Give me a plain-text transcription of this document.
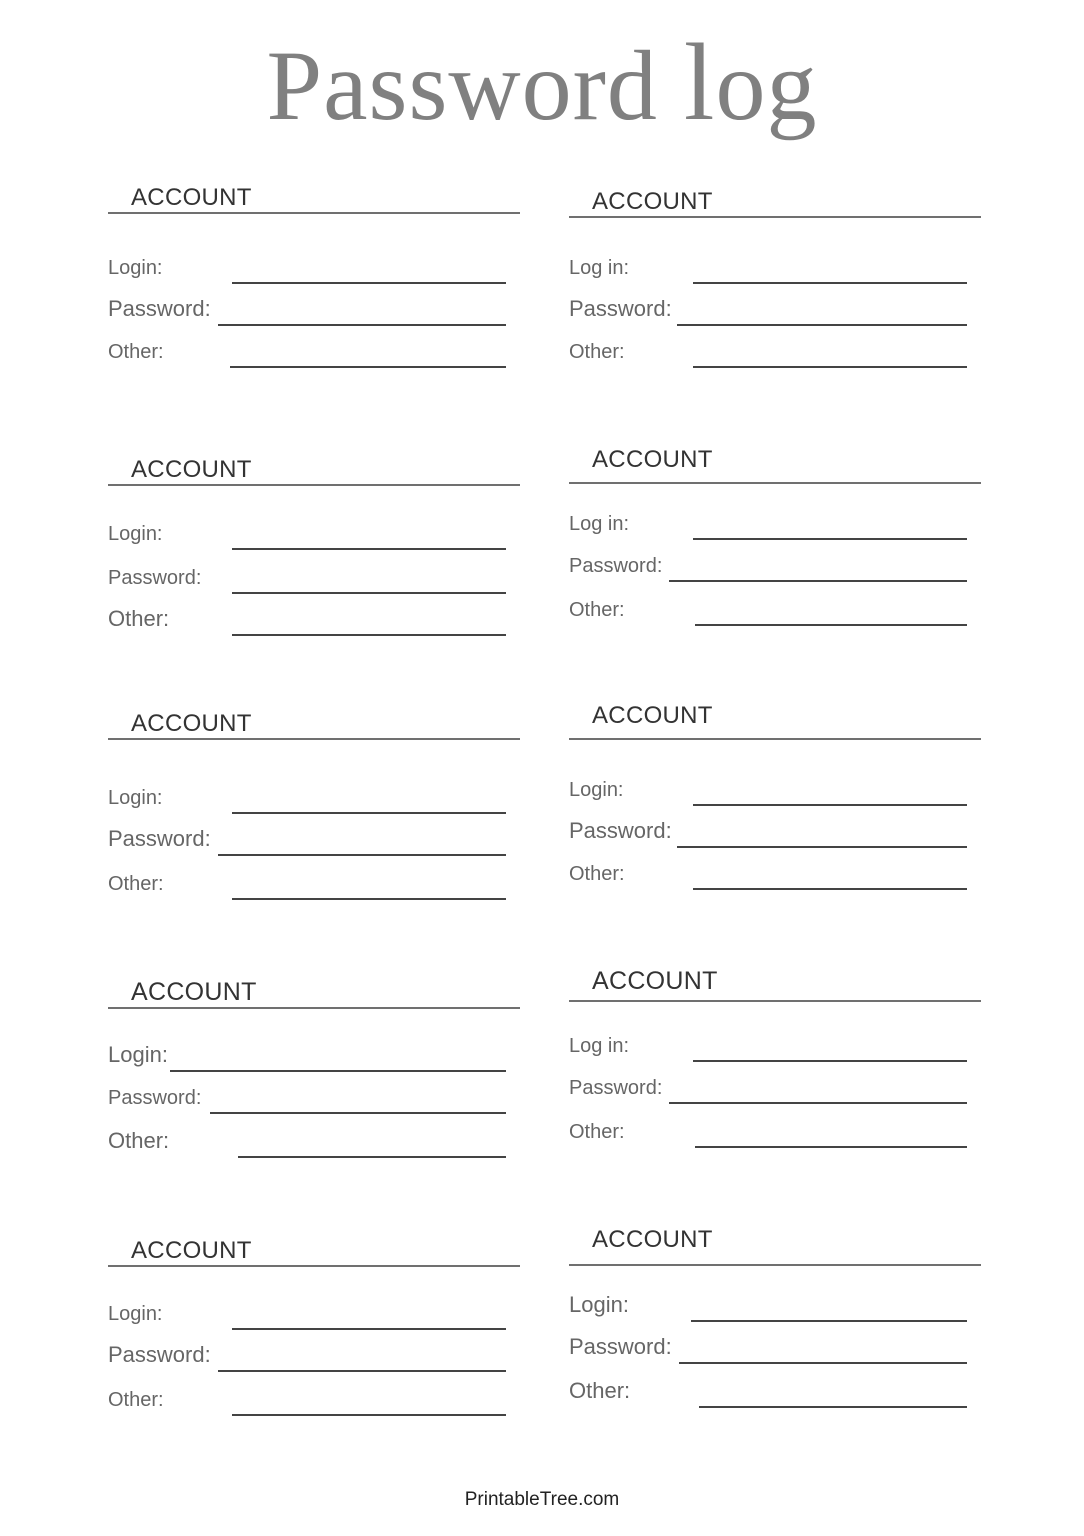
Password log
ACCOUNT
Login:
Password:
Other:
ACCOUNT
Log in:
Password:
Other:
ACCOUNT
Login:
Password:
Other:
ACCOUNT
Log in:
Password:
Other:
ACCOUNT
Login:
Password:
Other:
ACCOUNT
Login:
Password:
Other:
ACCOUNT
Login:
Password:
Other:
ACCOUNT
Log in:
Password:
Other:
ACCOUNT
Login:
Password:
Other:
ACCOUNT
Login:
Password:
Other:
PrintableTree.com
